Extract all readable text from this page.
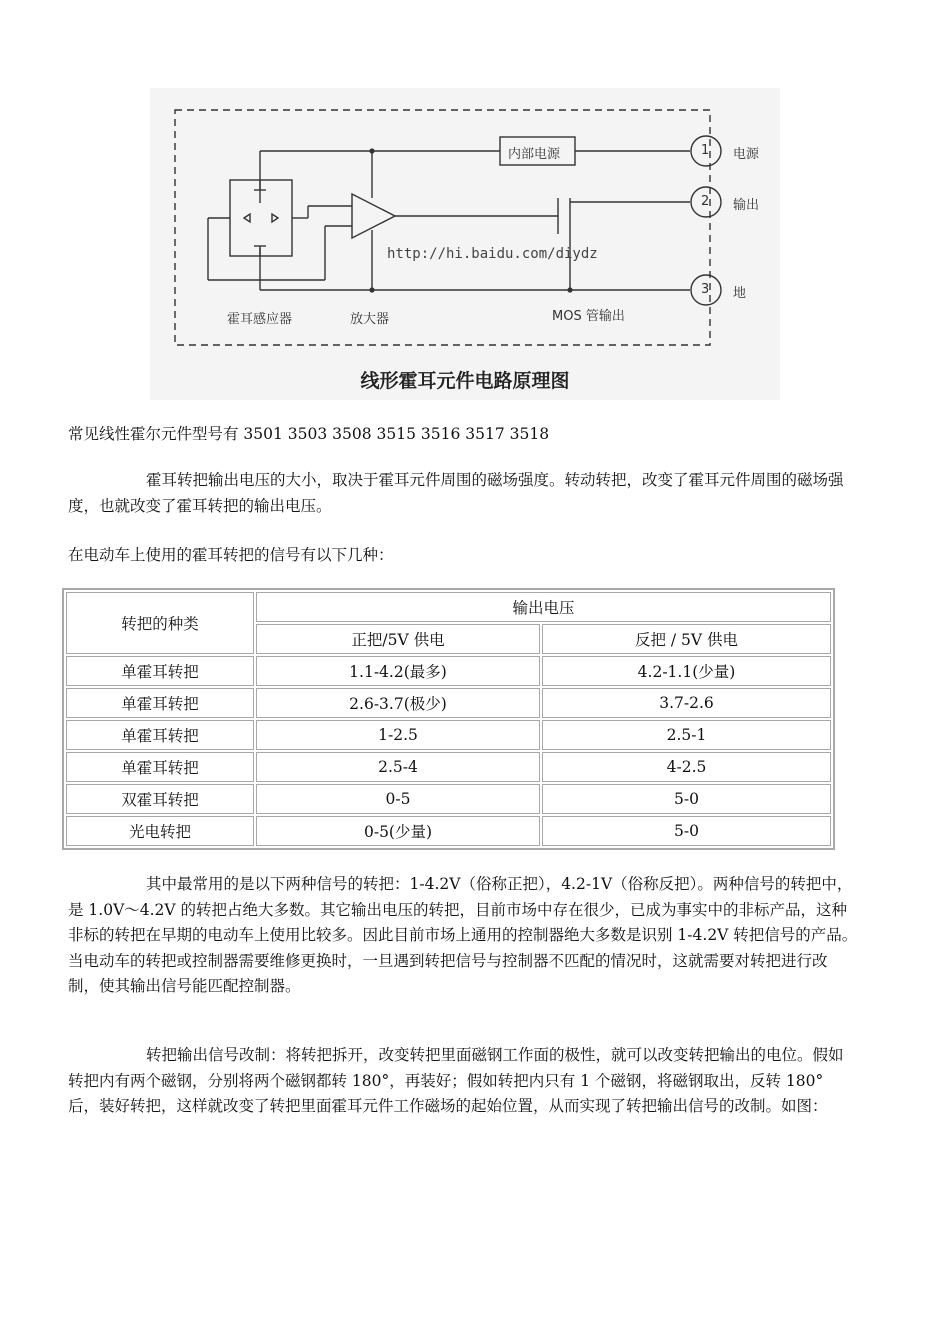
内部电源	1 电源
2 输出
3 地
霍耳感应器	放大器	MOS 管输出
http://hi.baidu.com/diydz
线形霍耳元件电路原理图
常见线性霍尔元件型号有 3501 3503 3508 3515 3516 3517 3518
霍耳转把输出电压的大小，取决于霍耳元件周围的磁场强度。转动转把，改变了霍耳元件周围的磁场强度，也就改变了霍耳转把的输出电压。
在电动车上使用的霍耳转把的信号有以下几种：
转把的种类	输出电压	
	正把/5V 供电	反把 / 5V 供电
单霍耳转把	1.1-4.2(最多)	4.2-1.1(少量)
单霍耳转把	2.6-3.7(极少)	3.7-2.6
单霍耳转把	1-2.5	2.5-1
单霍耳转把	2.5-4	4-2.5
双霍耳转把	0-5	5-0
光电转把	0-5(少量)	5-0
其中最常用的是以下两种信号的转把：1-4.2V（俗称正把），4.2-1V（俗称反把）。两种信号的转把中，是 1.0V～4.2V 的转把占绝大多数。其它输出电压的转把，目前市场中存在很少，已成为事实中的非标产品，这种非标的转把在早期的电动车上使用比较多。因此目前市场上通用的控制器绝大多数是识别 1-4.2V 转把信号的产品。当电动车的转把或控制器需要维修更换时，一旦遇到转把信号与控制器不匹配的情况时，这就需要对转把进行改制，使其输出信号能匹配控制器。
转把输出信号改制：将转把拆开，改变转把里面磁钢工作面的极性，就可以改变转把输出的电位。假如转把内有两个磁钢，分别将两个磁钢都转 180°，再装好；假如转把内只有 1 个磁钢，将磁钢取出，反转 180° 后，装好转把，这样就改变了转把里面霍耳元件工作磁场的起始位置，从而实现了转把输出信号的改制。如图：
